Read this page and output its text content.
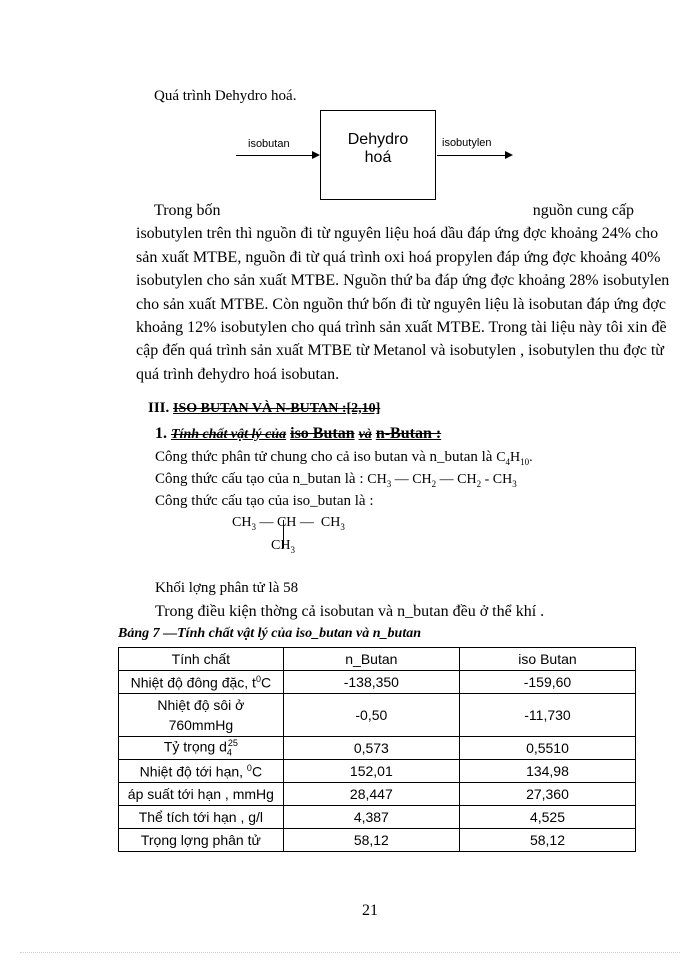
Quá trình Dehydro hoá.
isobutan	Dehydro
hoá
isobutylen
Trong bốn	nguồn cung cấp
isobutylen trên thì nguồn đi từ nguyên liệu hoá dầu đáp ứng đợc khoảng 24% cho
sản xuất MTBE, nguồn đi từ quá trình oxi hoá propylen đáp ứng đợc khoảng 40%
isobutylen cho sản xuất MTBE. Nguồn thứ ba đáp ứng đợc khoảng 28% isobutylen
cho sản xuất MTBE. Còn nguồn thứ bốn đi từ nguyên liệu là isobutan đáp ứng đợc
khoảng 12% isobutylen cho quá trình sản xuất MTBE. Trong tài liệu này tôi xin đề
cập đến quá trình sản xuất MTBE từ Metanol và isobutylen , isobutylen thu đợc từ
quá trình đehydro hoá isobutan.
III. ISO BUTAN VÀ N-BUTAN :[2,10]
1. Tính chất vật lý của iso Butan và n-Butan :
Công thức phân tử chung cho cả iso butan và n_butan là $C_4H_{10}$.
Công thức cấu tạo của n_butan là : $CH_3$ — $CH_2$ — $CH_2 - CH_3$
Công thức cấu tạo của iso_butan là :
$CH_3$ — CH — $CH_3$
$CH_3$
Khối lợng phân tử là 58
Trong điều kiện thờng cả isobutan và n_butan đều ở thể khí .
Bảng 7 —Tính chất vật lý của iso_butan và n_butan
Tính chất	n_Butan	iso Butan
Nhiệt độ đông đặc, $t^0C$	-138,350	-159,60

Nhiệt độ sôi ở
760mmHg	-0,50	-11,730
Tỷ trọng $d_4^{25}$	0,573	0,5510
Nhiệt độ tới hạn, $^0$C	152,01	134,98
áp suất tới hạn , mmHg	28,447	27,360
Thể tích tới hạn , g/l	4,387	4,525
Trọng lợng phân tử	58,12	58,12
21
